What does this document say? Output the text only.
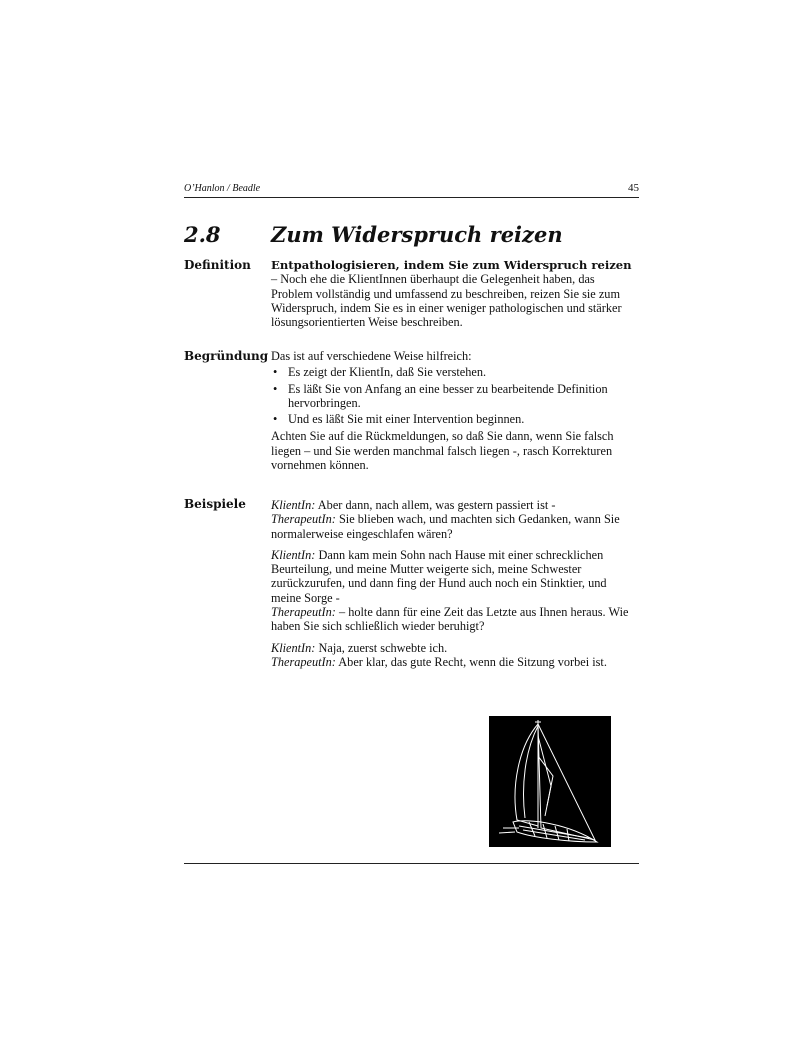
O’Hanlon / Beadle	45
2.8 Zum Widerspruch reizen
Definition Entpathologisieren, indem Sie zum Widerspruch reizen – Noch ehe die KlientInnen überhaupt die Gelegenheit haben, das Problem vollständig und umfassend zu beschreiben, reizen Sie sie zum Widerspruch, indem Sie es in einer weniger pathologischen und stärker lösungsorientierten Weise beschreiben.

Begründung Das ist auf verschiedene Weise hilfreich:

• Es zeigt der KlientIn, daß Sie verstehen.
• Es läßt Sie von Anfang an eine besser zu bearbeitende Definition hervorbringen.
• Und es läßt Sie mit einer Intervention beginnen.

Achten Sie auf die Rückmeldungen, so daß Sie dann, wenn Sie falsch liegen – und Sie werden manchmal falsch liegen -, rasch Korrekturen vornehmen können.

Beispiele KlientIn: Aber dann, nach allem, was gestern passiert ist -
TherapeutIn: Sie blieben wach, und machten sich Gedanken, wann Sie normalerweise eingeschlafen wären?

KlientIn: Dann kam mein Sohn nach Hause mit einer schrecklichen Beurteilung, und meine Mutter weigerte sich, meine Schwester zurückzurufen, und dann fing der Hund auch noch ein Stinktier, und meine Sorge -
TherapeutIn: – holte dann für eine Zeit das Letzte aus Ihnen heraus. Wie haben Sie sich schließlich wieder beruhigt?

KlientIn: Naja, zuerst schwebte ich.
TherapeutIn: Aber klar, das gute Recht, wenn die Sitzung vorbei ist.
